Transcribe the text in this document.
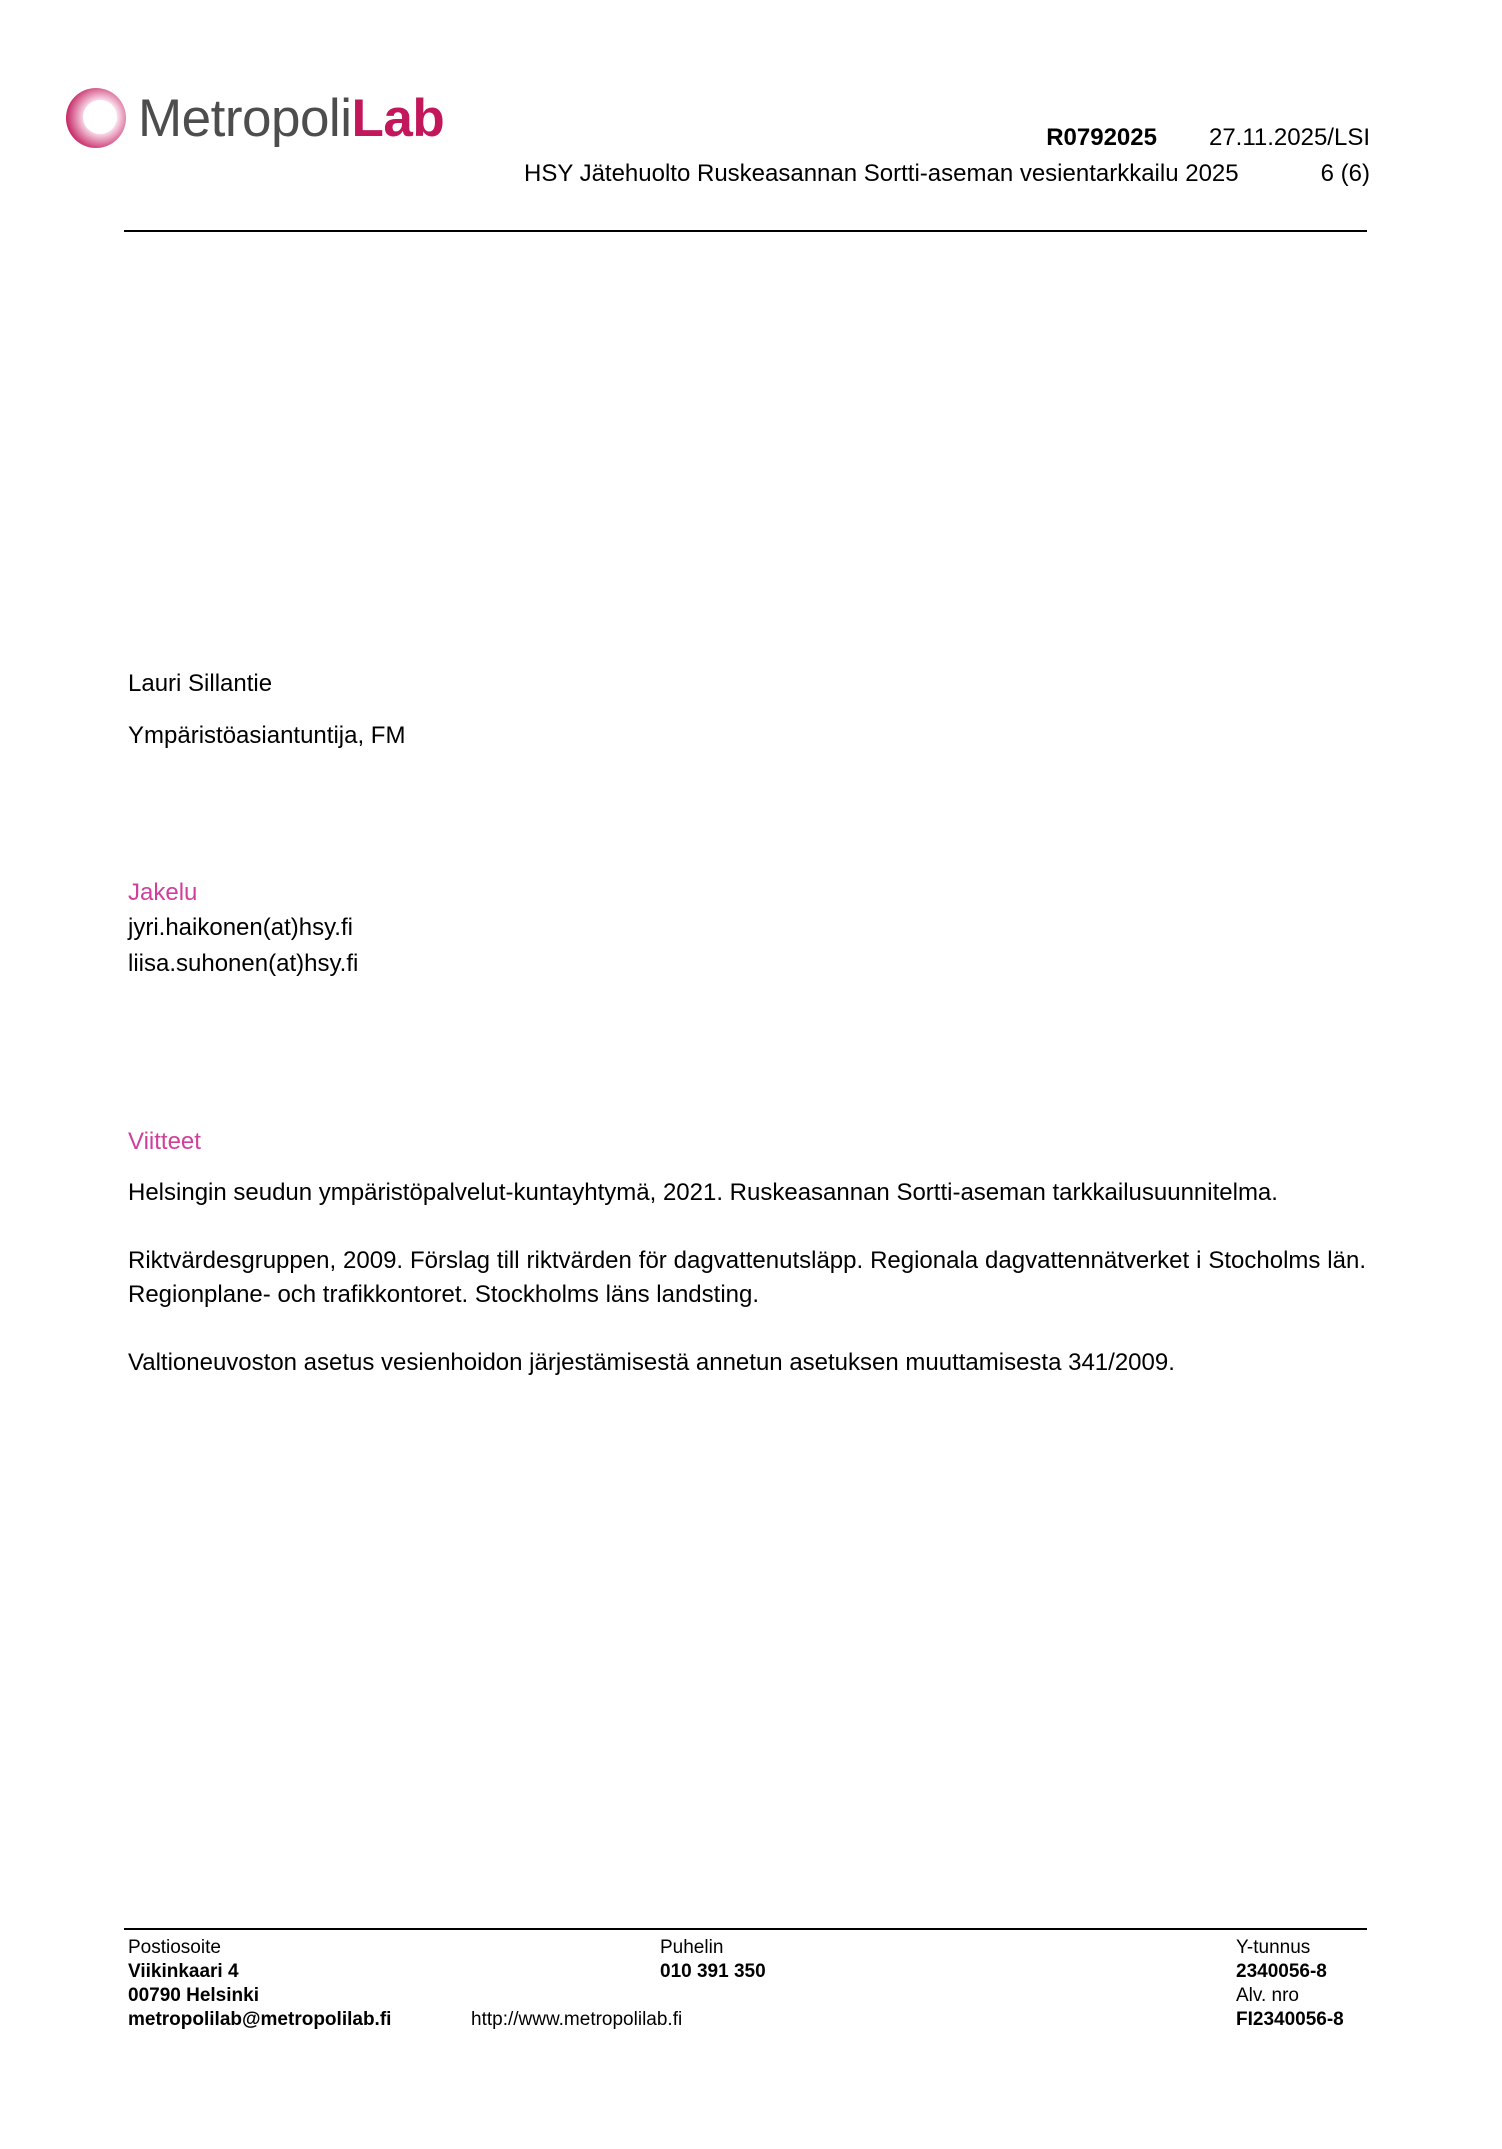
MetropoliLab	R0792025 27.11.2025/LSI
HSY Jätehuolto Ruskeasannan Sortti-aseman vesientarkkailu 2025	6 (6)
Lauri Sillantie
Ympäristöasiantuntija, FM
Jakelu
jyri.haikonen(at)hsy.fi
liisa.suhonen(at)hsy.fi
Viitteet

Helsingin seudun ympäristöpalvelut-kuntayhtymä, 2021. Ruskeasannan Sortti-aseman tarkkailusuunnitelma.

Riktvärdesgruppen, 2009. Förslag till riktvärden för dagvattenutsläpp. Regionala dagvattennätverket i Stocholms län. Regionplane- och trafikkontoret. Stockholms läns landsting.

Valtioneuvoston asetus vesienhoidon järjestämisestä annetun asetuksen muuttamisesta 341/2009.

Postiosoite
Viikinkaari 4
00790 Helsinki
metropolilab@metropolilab.fi
Puhelin
010 391 350
http://www.metropolilab.fi
Y-tunnus
2340056-8
Alv. nro
FI2340056-8
